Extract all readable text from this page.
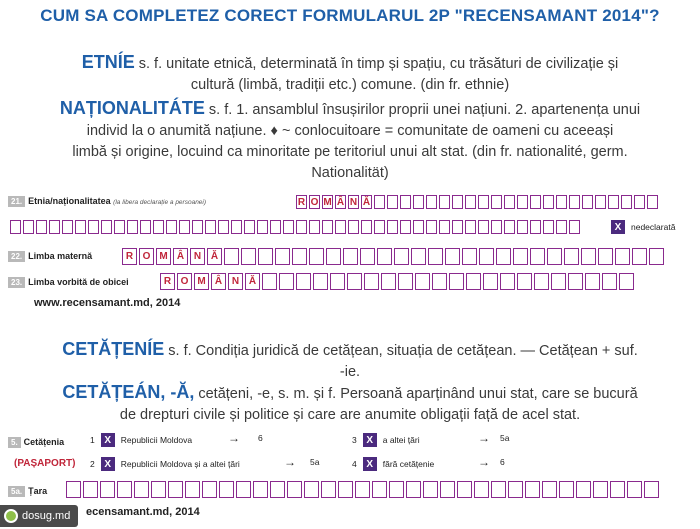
CUM SA COMPLETEZ CORECT FORMULARUL 2P "RECENSAMANT 2014"?
ETNÍE s. f. unitate etnică, determinată în timp și spațiu, cu trăsături de civilizație și
cultură (limbă, tradiții etc.) comune. (din fr. ethnie)
NAȚIONALITÁTE s. f. 1. ansamblul însușirilor proprii unei națiuni. 2. apartenența unui
individ la o anumită națiune. ♦ ~ conlocuitoare = comunitate de oameni cu aceeași
limbă și origine, locuind ca minoritate pe teritoriul unui alt stat. (din fr. nationalité, germ.
Nationalität)
21. Etnia/naționalitatea (la libera declarație a persoanei)	R O M Â N Ă
X	nedeclarată
22. Limba maternă	R O M Â N Ă
23. Limba vorbită de obicei	R O M Â N Ă
www.recensamant.md, 2014
CETĂȚENÍE s. f. Condiția juridică de cetățean, situația de cetățean. — Cetățean + suf.
-ie.
CETĂȚEÁN, -Ă, cetățeni, -e, s. m. și f. Persoană aparținând unui stat, care se bucură
de drepturi civile și politice și care are anumite obligații față de acel stat.
5. Cetățenia
(PAȘAPORT)
1 X	Republicii Moldova	→ 6
2 X	Republicii Moldova și a altei țări	→ 5a
3 X	a altei țări	→ 5a
4 X	fără cetățenie	→ 6
5a. Țara
ecensamant.md, 2014
dosug.md
